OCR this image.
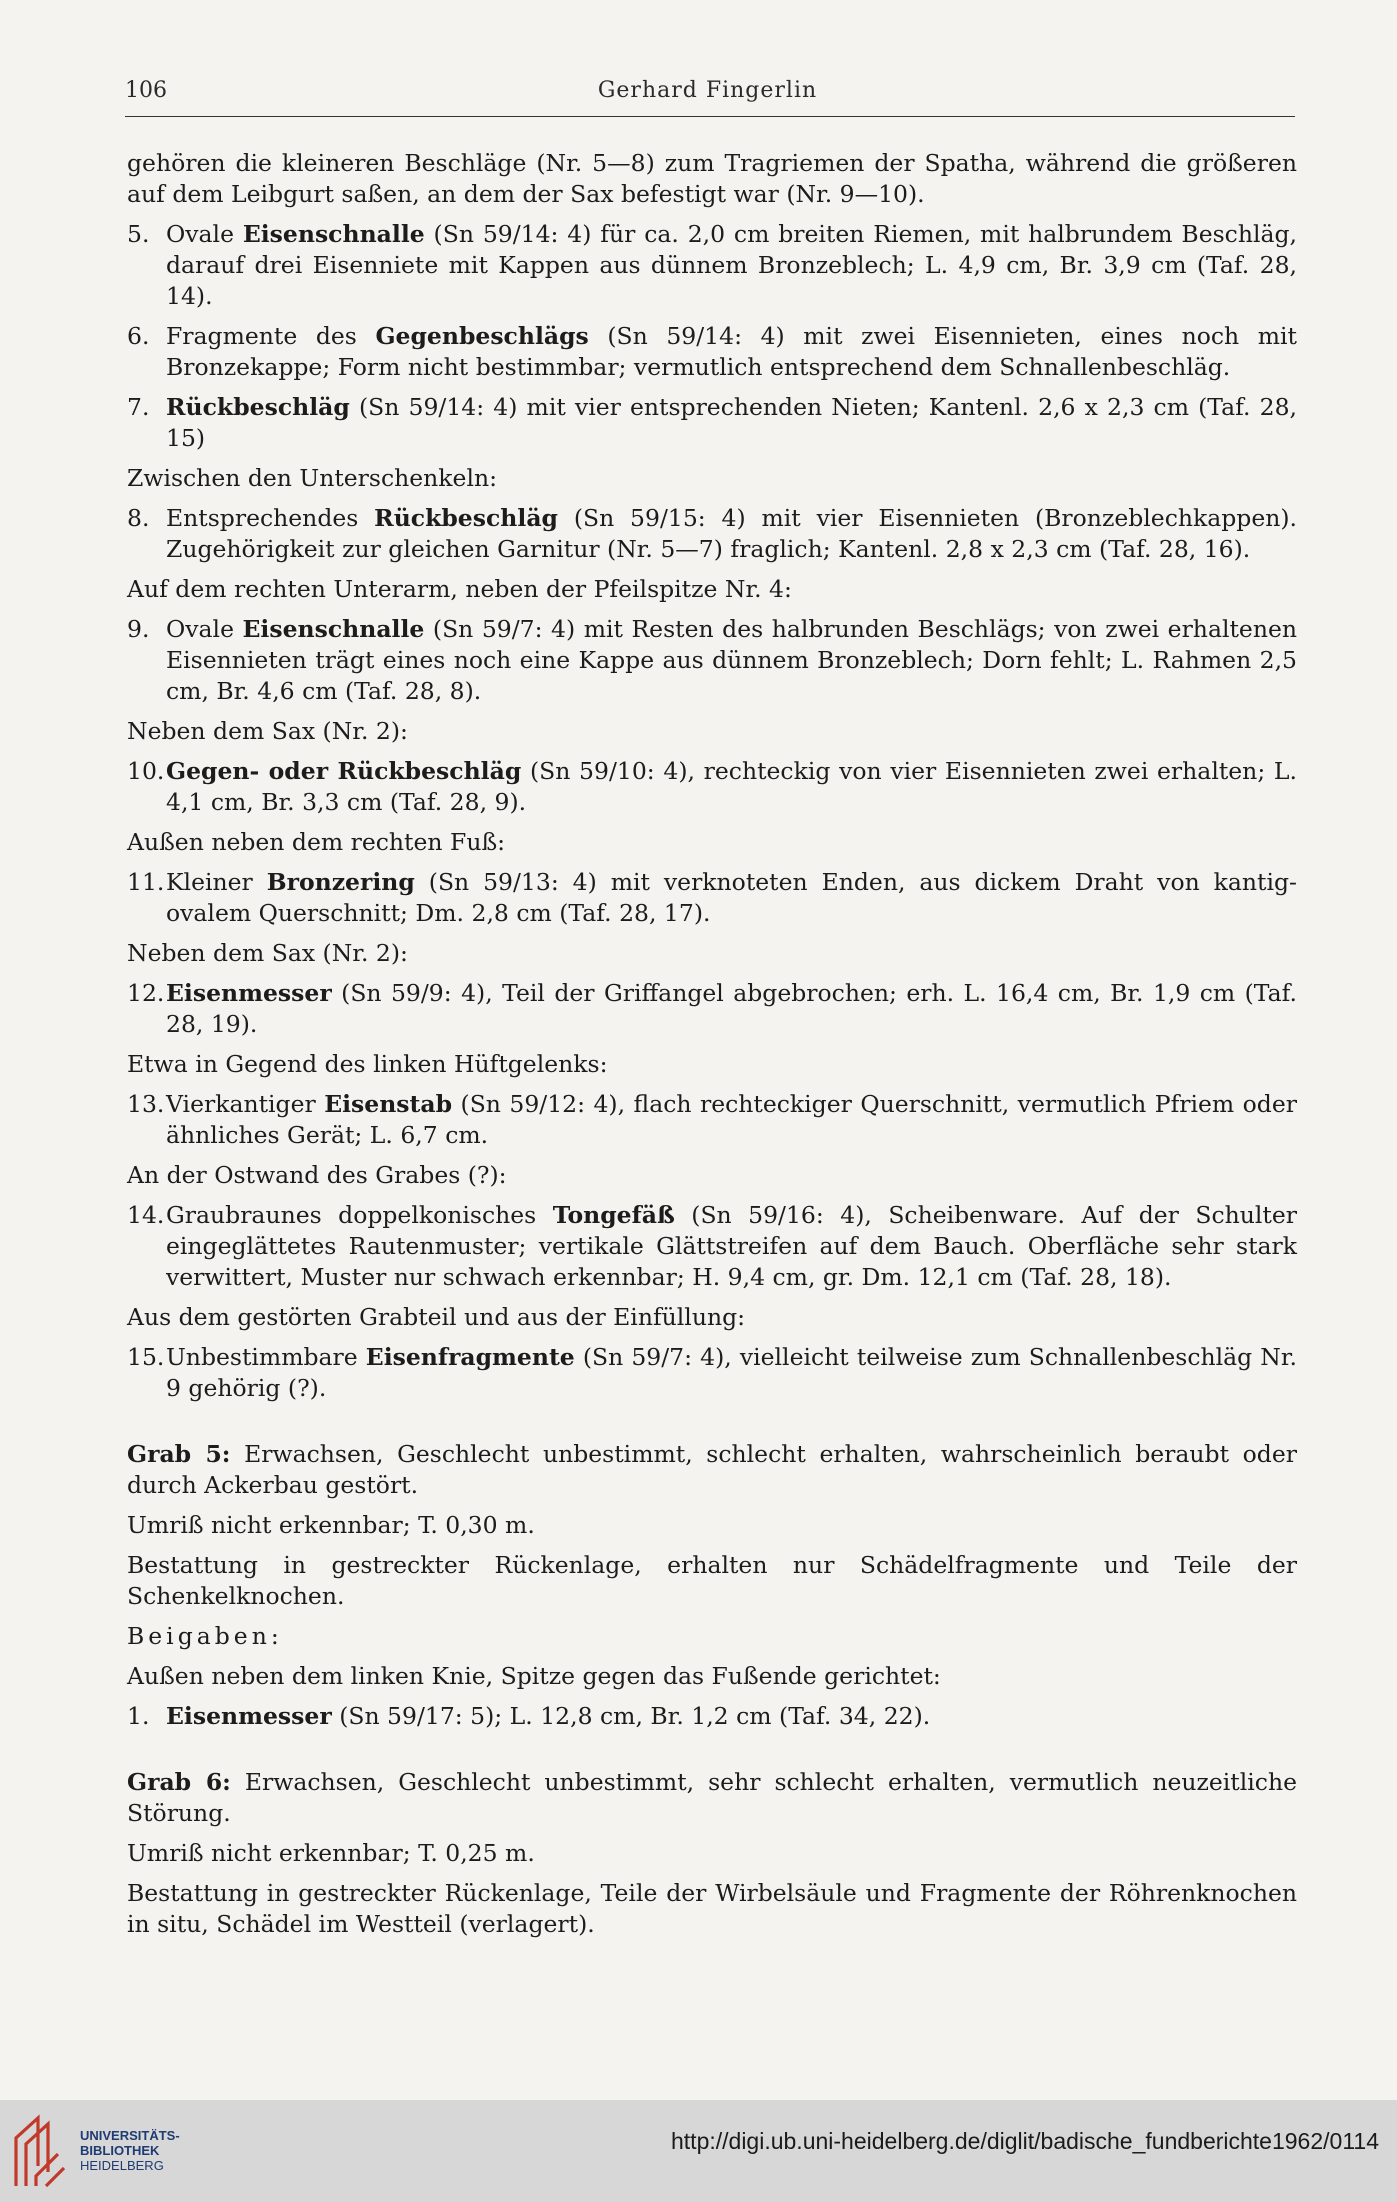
106	Gerhard Fingerlin

gehören die kleineren Beschläge (Nr. 5—8) zum Tragriemen der Spatha, während die größeren auf dem Leibgurt saßen, an dem der Sax befestigt war (Nr. 9—10).

5. Ovale Eisenschnalle (Sn 59/14: 4) für ca. 2,0 cm breiten Riemen, mit halbrundem Beschläg, darauf drei Eisenniete mit Kappen aus dünnem Bronzeblech; L. 4,9 cm, Br. 3,9 cm (Taf. 28, 14).

6. Fragmente des Gegenbeschlägs (Sn 59/14: 4) mit zwei Eisennieten, eines noch mit Bronzekappe; Form nicht bestimmbar; vermutlich entsprechend dem Schnallenbeschläg.

7. Rückbeschläg (Sn 59/14: 4) mit vier entsprechenden Nieten; Kantenl. 2,6 x 2,3 cm (Taf. 28, 15)

Zwischen den Unterschenkeln:

8. Entsprechendes Rückbeschläg (Sn 59/15: 4) mit vier Eisennieten (Bronzeblechkappen). Zugehörigkeit zur gleichen Garnitur (Nr. 5—7) fraglich; Kantenl. 2,8 x 2,3 cm (Taf. 28, 16).

Auf dem rechten Unterarm, neben der Pfeilspitze Nr. 4:

9. Ovale Eisenschnalle (Sn 59/7: 4) mit Resten des halbrunden Beschlägs; von zwei erhaltenen Eisennieten trägt eines noch eine Kappe aus dünnem Bronzeblech; Dorn fehlt; L. Rahmen 2,5 cm, Br. 4,6 cm (Taf. 28, 8).

Neben dem Sax (Nr. 2):

10. Gegen- oder Rückbeschläg (Sn 59/10: 4), rechteckig von vier Eisennieten zwei erhalten; L. 4,1 cm, Br. 3,3 cm (Taf. 28, 9).

Außen neben dem rechten Fuß:

11. Kleiner Bronzering (Sn 59/13: 4) mit verknoteten Enden, aus dickem Draht von kantig-ovalem Querschnitt; Dm. 2,8 cm (Taf. 28, 17).

Neben dem Sax (Nr. 2):

12. Eisenmesser (Sn 59/9: 4), Teil der Griffangel abgebrochen; erh. L. 16,4 cm, Br. 1,9 cm (Taf. 28, 19).

Etwa in Gegend des linken Hüftgelenks:

13. Vierkantiger Eisenstab (Sn 59/12: 4), flach rechteckiger Querschnitt, vermutlich Pfriem oder ähnliches Gerät; L. 6,7 cm.

An der Ostwand des Grabes (?):

14. Graubraunes doppelkonisches Tongefäß (Sn 59/16: 4), Scheibenware. Auf der Schulter eingeglättetes Rautenmuster; vertikale Glättstreifen auf dem Bauch. Oberfläche sehr stark verwittert, Muster nur schwach erkennbar; H. 9,4 cm, gr. Dm. 12,1 cm (Taf. 28, 18).

Aus dem gestörten Grabteil und aus der Einfüllung:

15. Unbestimmbare Eisenfragmente (Sn 59/7: 4), vielleicht teilweise zum Schnallenbeschläg Nr. 9 gehörig (?).

Grab 5: Erwachsen, Geschlecht unbestimmt, schlecht erhalten, wahrscheinlich beraubt oder durch Ackerbau gestört.

Umriß nicht erkennbar; T. 0,30 m.

Bestattung in gestreckter Rückenlage, erhalten nur Schädelfragmente und Teile der Schenkelknochen.

Beigaben:

Außen neben dem linken Knie, Spitze gegen das Fußende gerichtet:

1. Eisenmesser (Sn 59/17: 5); L. 12,8 cm, Br. 1,2 cm (Taf. 34, 22).

Grab 6: Erwachsen, Geschlecht unbestimmt, sehr schlecht erhalten, vermutlich neuzeitliche Störung.

Umriß nicht erkennbar; T. 0,25 m.

Bestattung in gestreckter Rückenlage, Teile der Wirbelsäule und Fragmente der Röhrenknochen in situ, Schädel im Westteil (verlagert).

UNIVERSITÄTS-
BIBLIOTHEK
HEIDELBERG
http://digi.ub.uni-heidelberg.de/diglit/badische_fundberichte1962/0114
